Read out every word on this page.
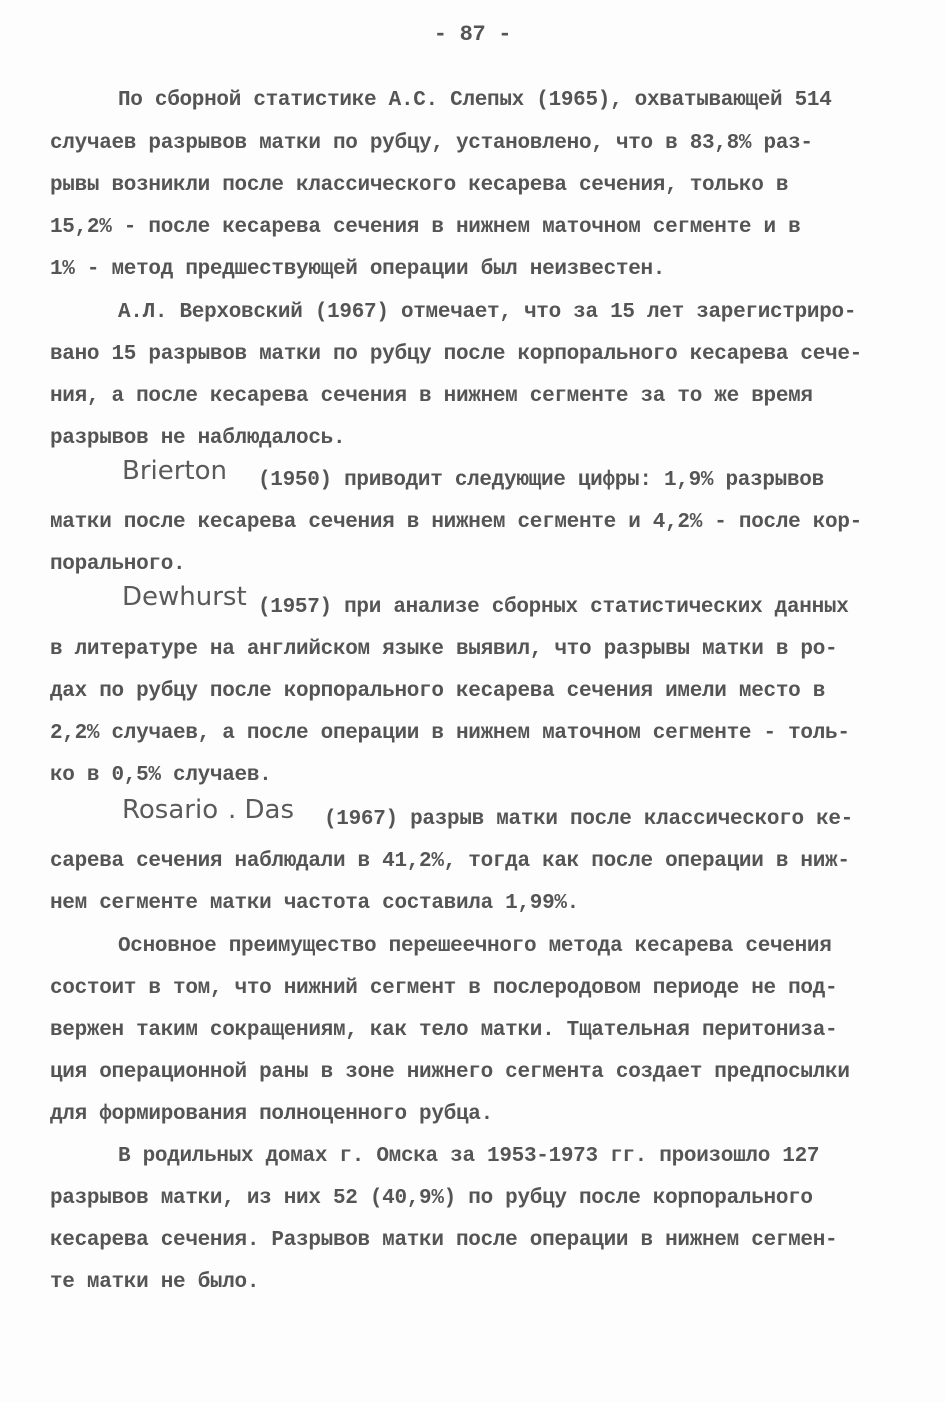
- 87 -
По сборной статистике А.С. Слепых (1965), охватывающей 514
случаев разрывов матки по рубцу, установлено, что в 83,8% раз-
рывы возникли после классического кесарева сечения, только в
15,2% - после кесарева сечения в нижнем маточном сегменте и в
1% - метод предшествующей операции был неизвестен.
А.Л. Верховский (1967) отмечает, что за 15 лет зарегистриро-
вано 15 разрывов матки по рубцу после корпорального кесарева сече-
ния, а после кесарева сечения в нижнем сегменте за то же время
разрывов не наблюдалось.
Brierton (1950) приводит следующие цифры: 1,9% разрывов
матки после кесарева сечения в нижнем сегменте и 4,2% - после кор-
порального.
Dewhurst (1957) при анализе сборных статистических данных
в литературе на английском языке выявил, что разрывы матки в ро-
дах по рубцу после корпорального кесарева сечения имели место в
2,2% случаев, а после операции в нижнем маточном сегменте - толь-
ко в 0,5% случаев.
Rosario . Das (1967) разрыв матки после классического ке-
сарева сечения наблюдали в 41,2%, тогда как после операции в ниж-
нем сегменте матки частота составила 1,99%.
Основное преимущество перешеечного метода кесарева сечения
состоит в том, что нижний сегмент в послеродовом периоде не под-
вержен таким сокращениям, как тело матки. Тщательная перитониза-
ция операционной раны в зоне нижнего сегмента создает предпосылки
для формирования полноценного рубца.
В родильных домах г. Омска за 1953-1973 гг. произошло 127
разрывов матки, из них 52 (40,9%) по рубцу после корпорального
кесарева сечения. Разрывов матки после операции в нижнем сегмен-
те матки не было.
